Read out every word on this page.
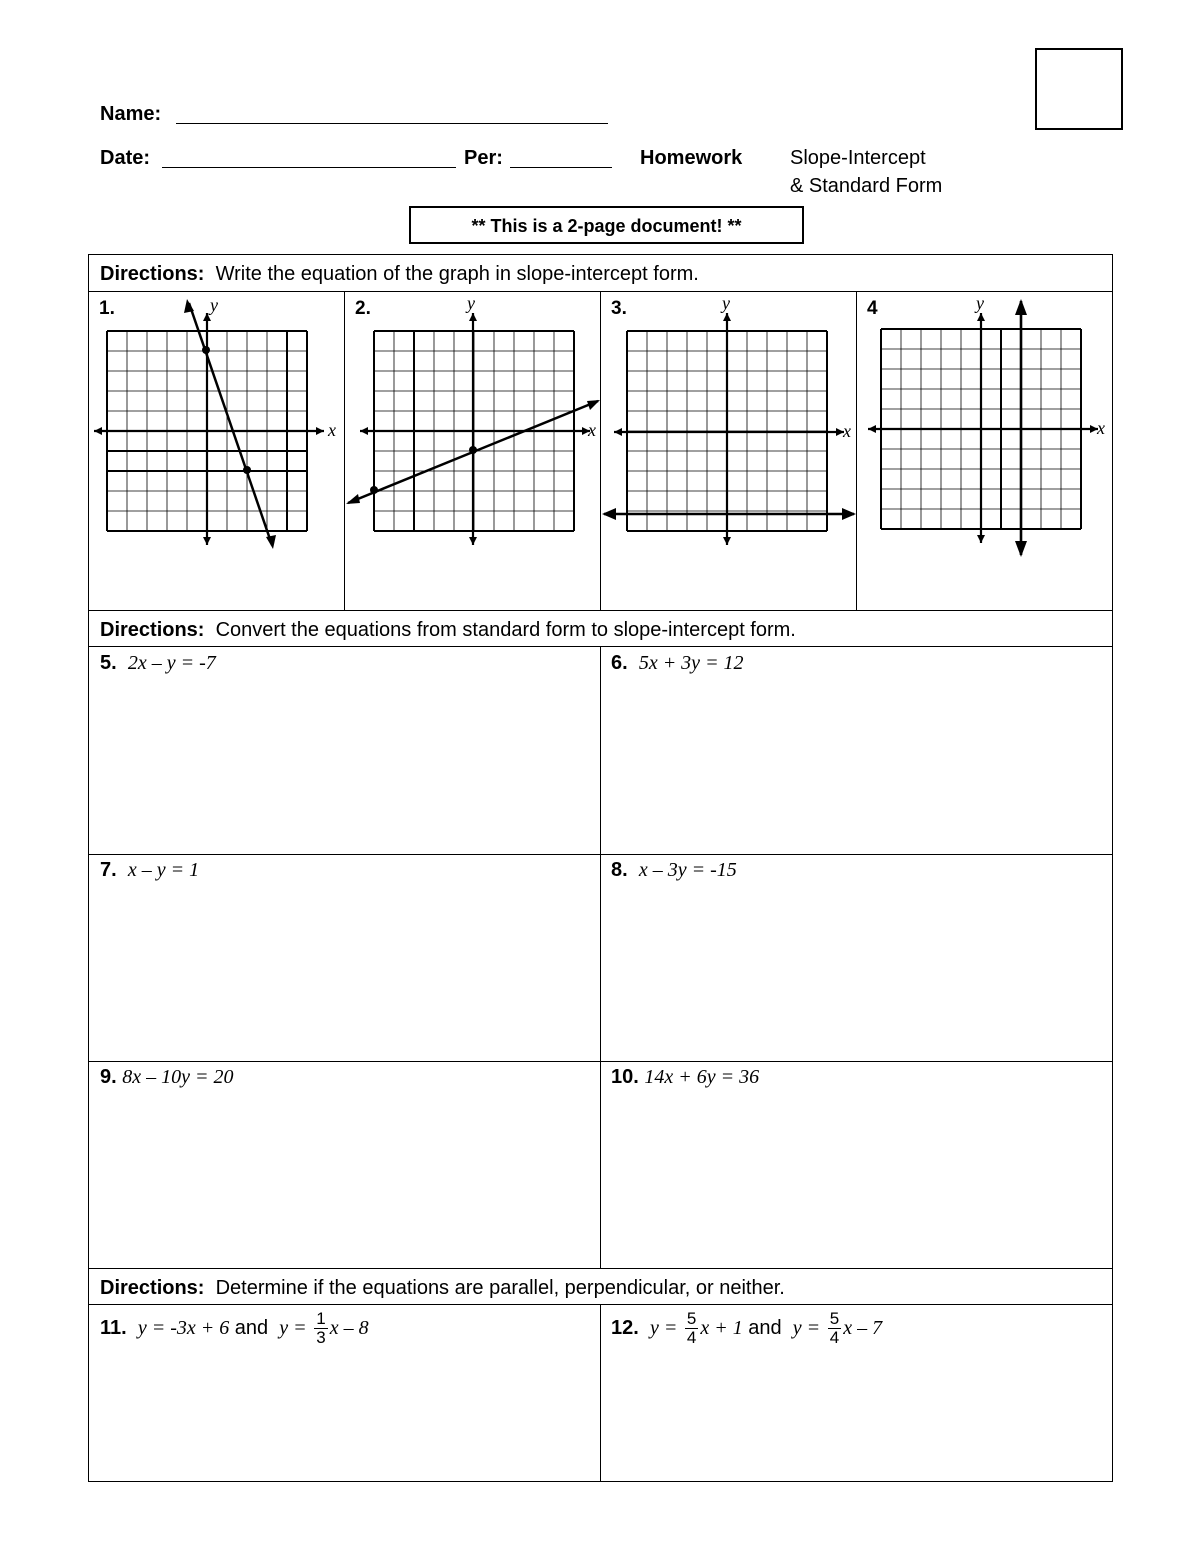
Name:
Date:	Per:	Homework Slope-Intercept
& Standard Form
** This is a 2-page document! **
Directions: Write the equation of the graph in slope-intercept form.
Directions: Convert the equations from standard form to slope-intercept form.
Directions: Determine if the equations are parallel, perpendicular, or neither.
1.	2.	3.	4
x
y
x
y
x
y
x
y
5. 2x – y = -7	6. 5x + 3y = 12
7. x – y = 1	8. x – 3y = -15
9. 8x – 10y = 20	10. 14x + 6y = 36
11. y = -3x + 6 and $y = \frac{1}{3}$ x – 8	12. $y = \frac{5}{4}$ x + 1 and $y = \frac{5}{4}$ x – 7
